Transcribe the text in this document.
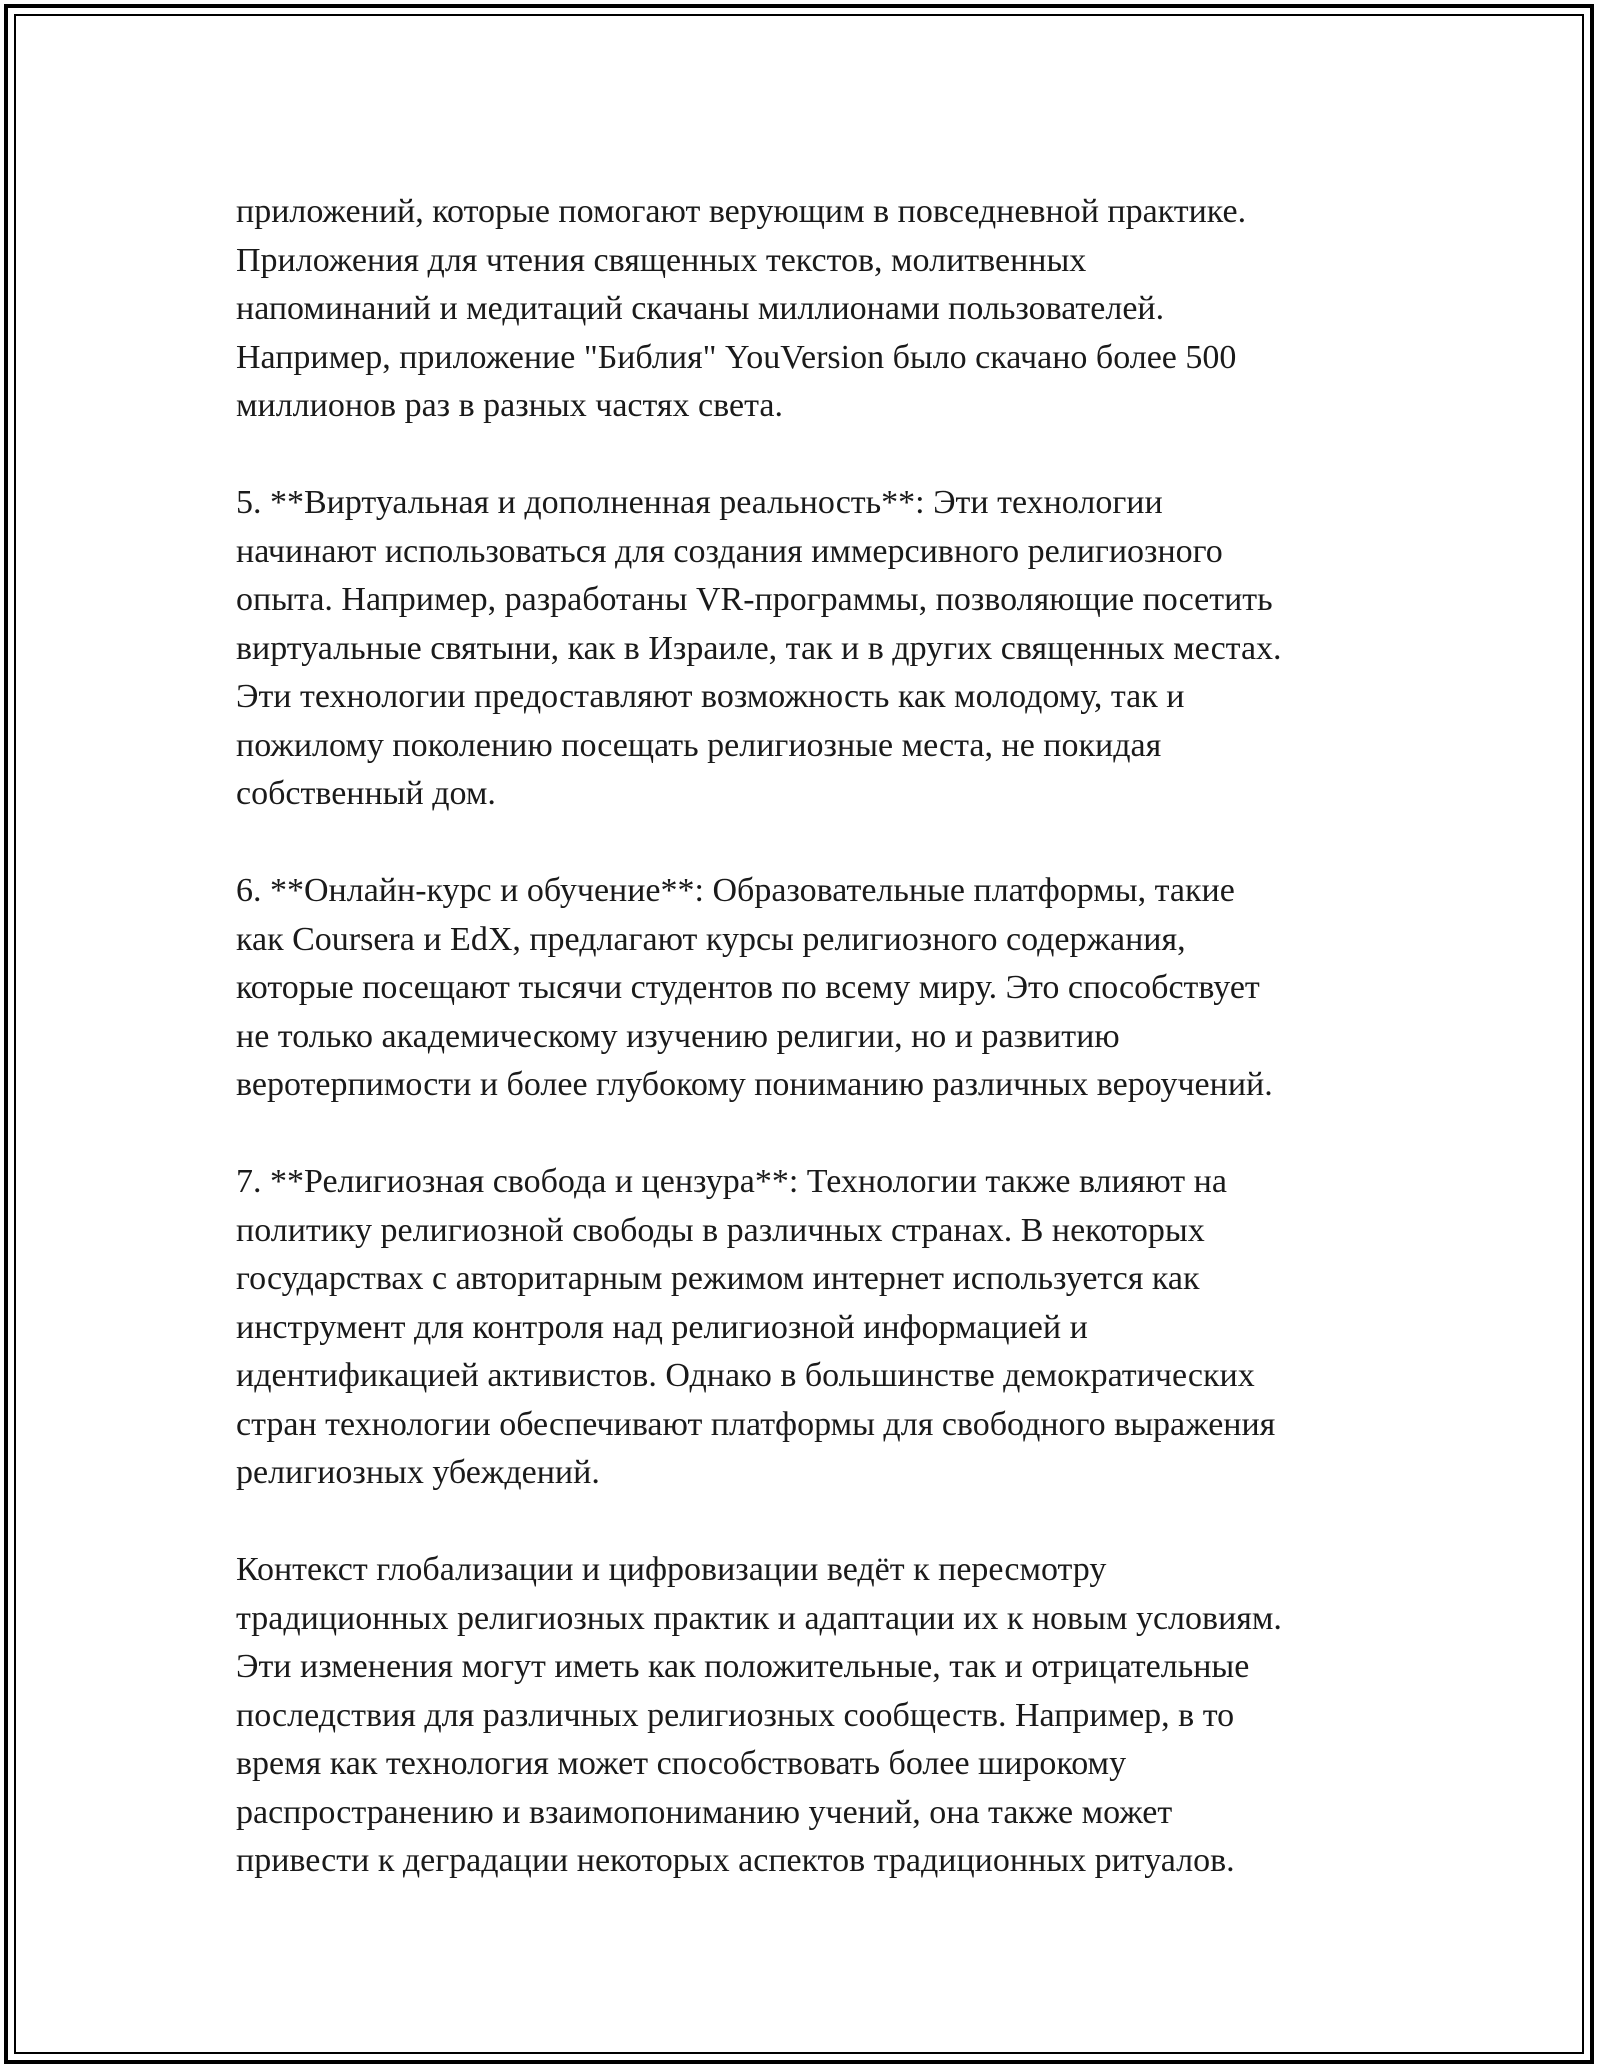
приложений, которые помогают верующим в повседневной практике.
Приложения для чтения священных текстов, молитвенных
напоминаний и медитаций скачаны миллионами пользователей.
Например, приложение "Библия" YouVersion было скачано более 500
миллионов раз в разных частях света.

5. **Виртуальная и дополненная реальность**: Эти технологии
начинают использоваться для создания иммерсивного религиозного
опыта. Например, разработаны VR-программы, позволяющие посетить
виртуальные святыни, как в Израиле, так и в других священных местах.
Эти технологии предоставляют возможность как молодому, так и
пожилому поколению посещать религиозные места, не покидая
собственный дом.

6. **Онлайн-курс и обучение**: Образовательные платформы, такие
как Coursera и EdX, предлагают курсы религиозного содержания,
которые посещают тысячи студентов по всему миру. Это способствует
не только академическому изучению религии, но и развитию
веротерпимости и более глубокому пониманию различных вероучений.

7. **Религиозная свобода и цензура**: Технологии также влияют на
политику религиозной свободы в различных странах. В некоторых
государствах с авторитарным режимом интернет используется как
инструмент для контроля над религиозной информацией и
идентификацией активистов. Однако в большинстве демократических
стран технологии обеспечивают платформы для свободного выражения
религиозных убеждений.

Контекст глобализации и цифровизации ведёт к пересмотру
традиционных религиозных практик и адаптации их к новым условиям.
Эти изменения могут иметь как положительные, так и отрицательные
последствия для различных религиозных сообществ. Например, в то
время как технология может способствовать более широкому
распространению и взаимопониманию учений, она также может
привести к деградации некоторых аспектов традиционных ритуалов.
